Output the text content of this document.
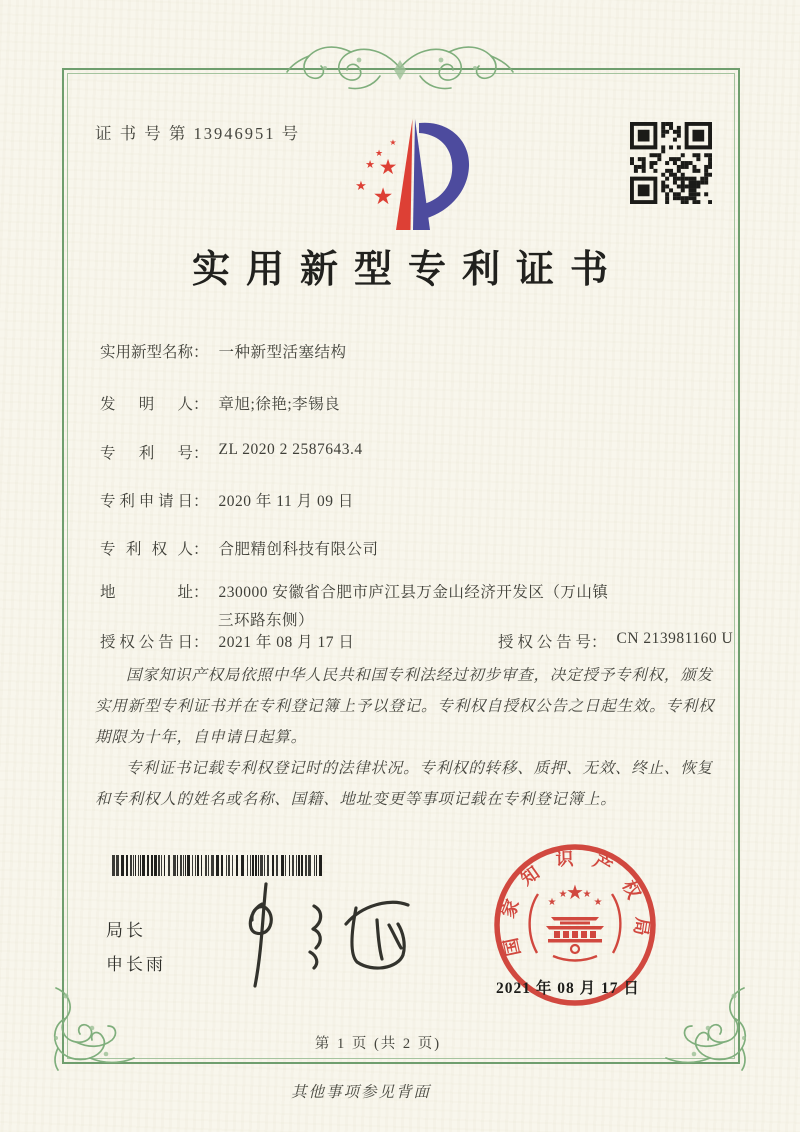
证 书 号 第 13946951 号
★
★
★
★
★
★
实用新型专利证书
实用新型名称： 一种新型活塞结构
发明人： 章旭;徐艳;李锡良
专利号： ZL 2020 2 2587643.4
专利申请日： 2020 年 11 月 09 日
专利权人： 合肥精创科技有限公司
地址： 230000 安徽省合肥市庐江县万金山经济开发区（万山镇
三环路东侧）
授权公告日： 2021 年 08 月 17 日	授权公告号： CN 213981160 U

国家知识产权局依照中华人民共和国专利法经过初步审查，决定授予专利权，颁发实用新型专利证书并在专利登记簿上予以登记。专利权自授权公告之日起生效。专利权期限为十年，自申请日起算。

专利证书记载专利权登记时的法律状况。专利权的转移、质押、无效、终止、恢复和专利权人的姓名或名称、国籍、地址变更等事项记载在专利登记簿上。

局长
申长雨
国家知识产权局
★
★
★ ★
★
2021 年 08 月 17 日
第 1 页 (共 2 页)
其他事项参见背面
